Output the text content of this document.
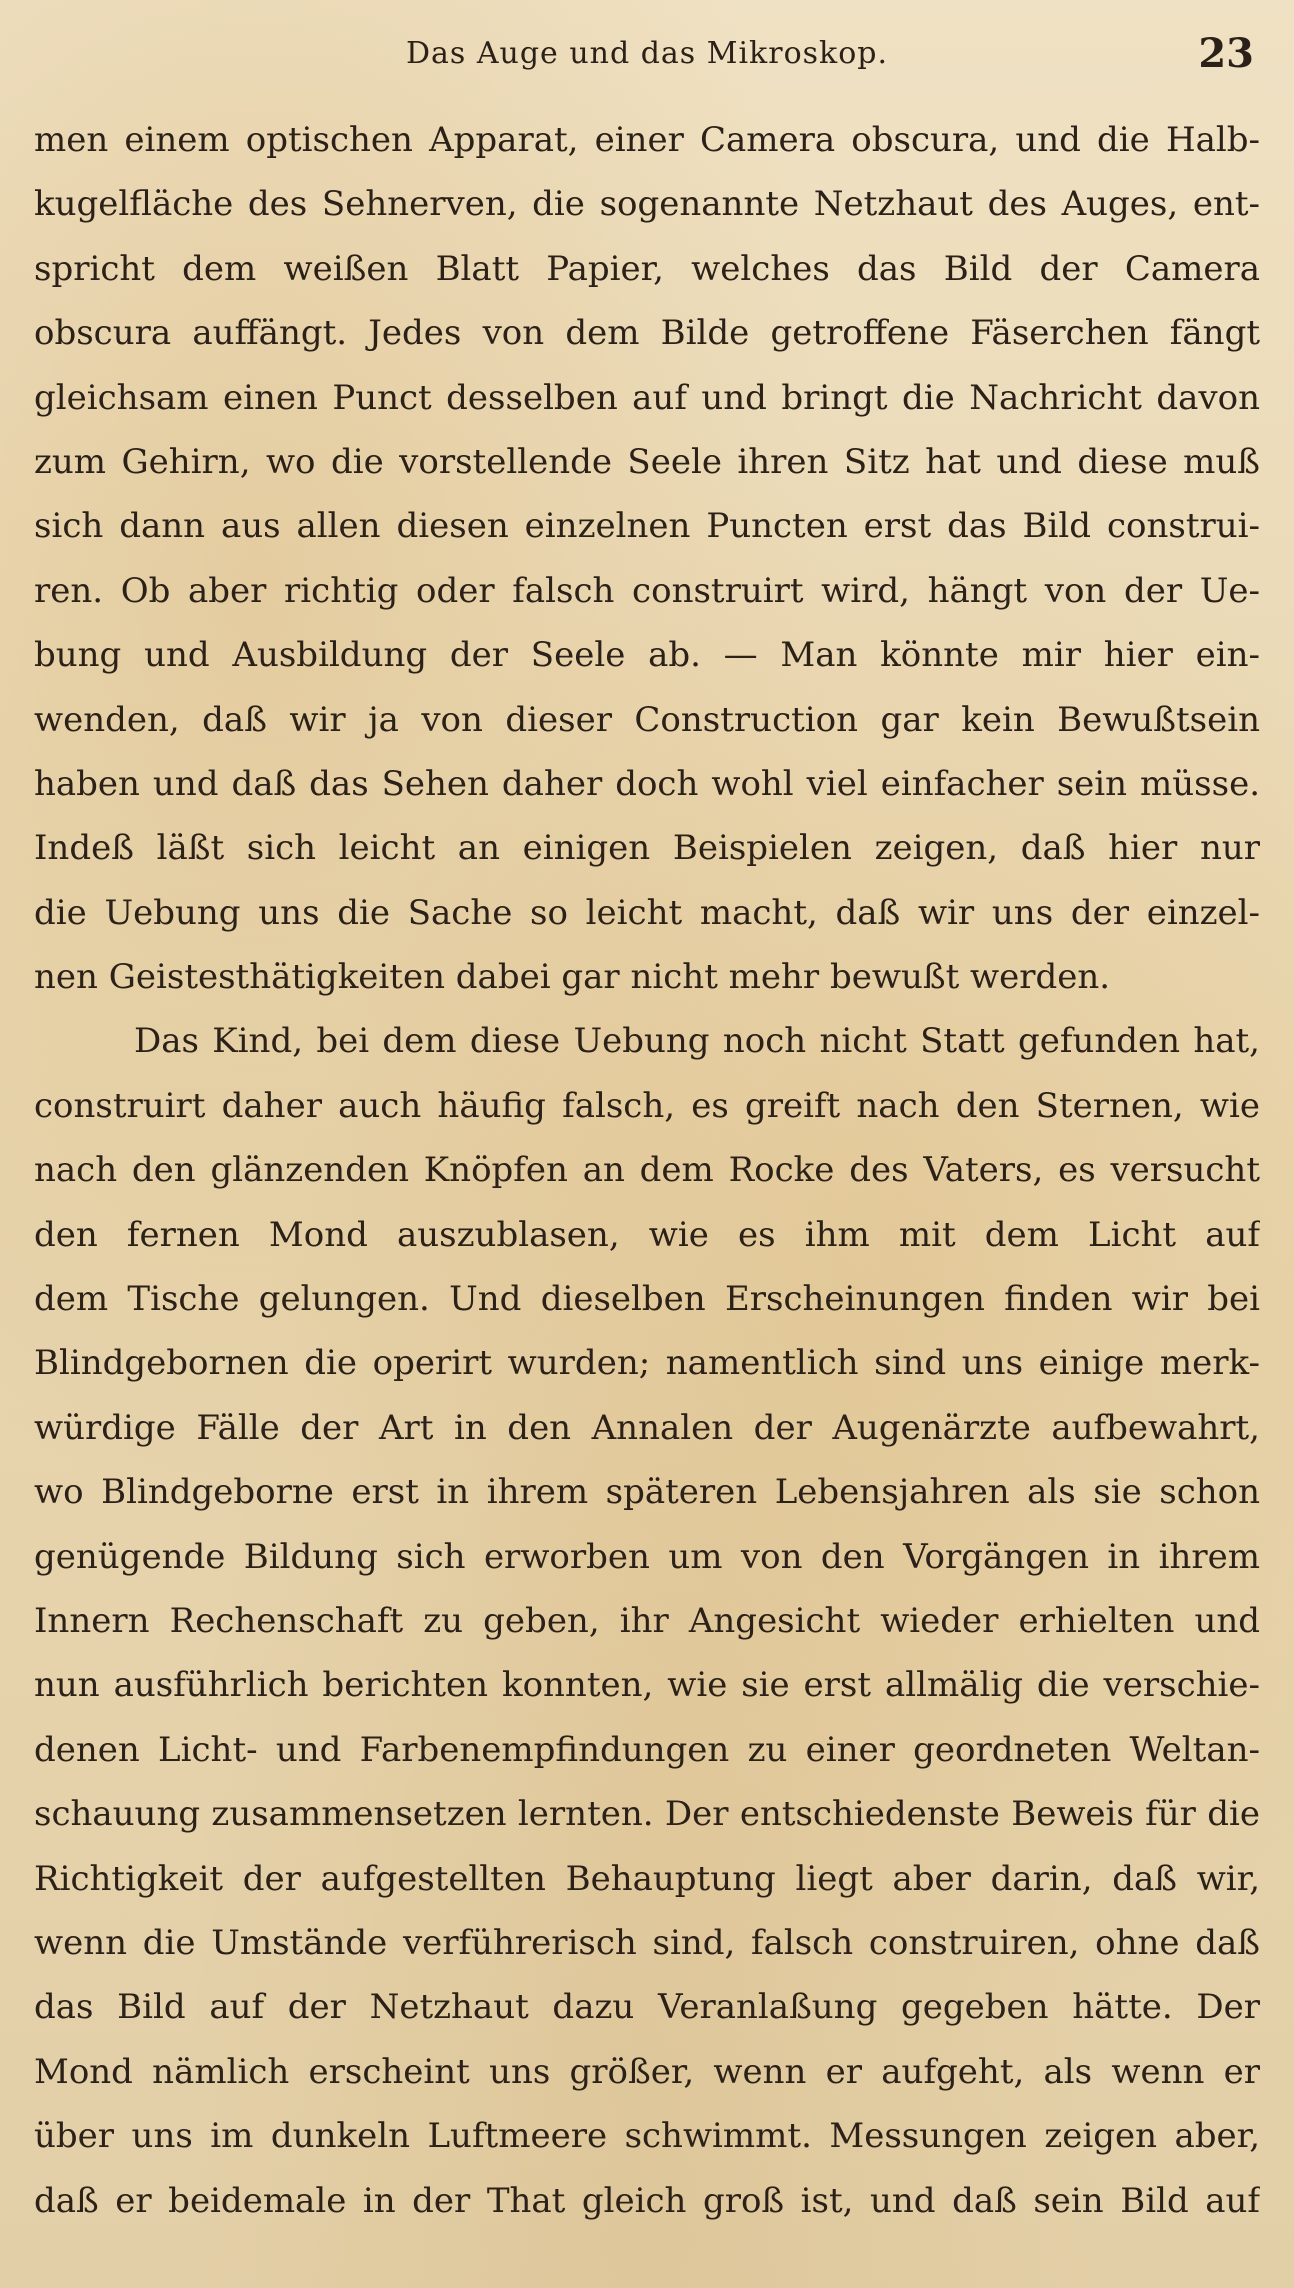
Das Auge und das Mikroskop.	23
men einem optischen Apparat, einer Camera obscura, und die Halb-
kugelfläche des Sehnerven, die sogenannte Netzhaut des Auges, ent-
spricht dem weißen Blatt Papier, welches das Bild der Camera
obscura auffängt. Jedes von dem Bilde getroffene Fäserchen fängt
gleichsam einen Punct desselben auf und bringt die Nachricht davon
zum Gehirn, wo die vorstellende Seele ihren Sitz hat und diese muß
sich dann aus allen diesen einzelnen Puncten erst das Bild construi-
ren. Ob aber richtig oder falsch construirt wird, hängt von der Ue-
bung und Ausbildung der Seele ab. — Man könnte mir hier ein-
wenden, daß wir ja von dieser Construction gar kein Bewußtsein
haben und daß das Sehen daher doch wohl viel einfacher sein müsse.
Indeß läßt sich leicht an einigen Beispielen zeigen, daß hier nur
die Uebung uns die Sache so leicht macht, daß wir uns der einzel-
nen Geistesthätigkeiten dabei gar nicht mehr bewußt werden.
Das Kind, bei dem diese Uebung noch nicht Statt gefunden hat,
construirt daher auch häufig falsch, es greift nach den Sternen, wie
nach den glänzenden Knöpfen an dem Rocke des Vaters, es versucht
den fernen Mond auszublasen, wie es ihm mit dem Licht auf
dem Tische gelungen. Und dieselben Erscheinungen finden wir bei
Blindgebornen die operirt wurden; namentlich sind uns einige merk-
würdige Fälle der Art in den Annalen der Augenärzte aufbewahrt,
wo Blindgeborne erst in ihrem späteren Lebensjahren als sie schon
genügende Bildung sich erworben um von den Vorgängen in ihrem
Innern Rechenschaft zu geben, ihr Angesicht wieder erhielten und
nun ausführlich berichten konnten, wie sie erst allmälig die verschie-
denen Licht- und Farbenempfindungen zu einer geordneten Weltan-
schauung zusammensetzen lernten. Der entschiedenste Beweis für die
Richtigkeit der aufgestellten Behauptung liegt aber darin, daß wir,
wenn die Umstände verführerisch sind, falsch construiren, ohne daß
das Bild auf der Netzhaut dazu Veranlaßung gegeben hätte. Der
Mond nämlich erscheint uns größer, wenn er aufgeht, als wenn er
über uns im dunkeln Luftmeere schwimmt. Messungen zeigen aber,
daß er beidemale in der That gleich groß ist, und daß sein Bild auf
